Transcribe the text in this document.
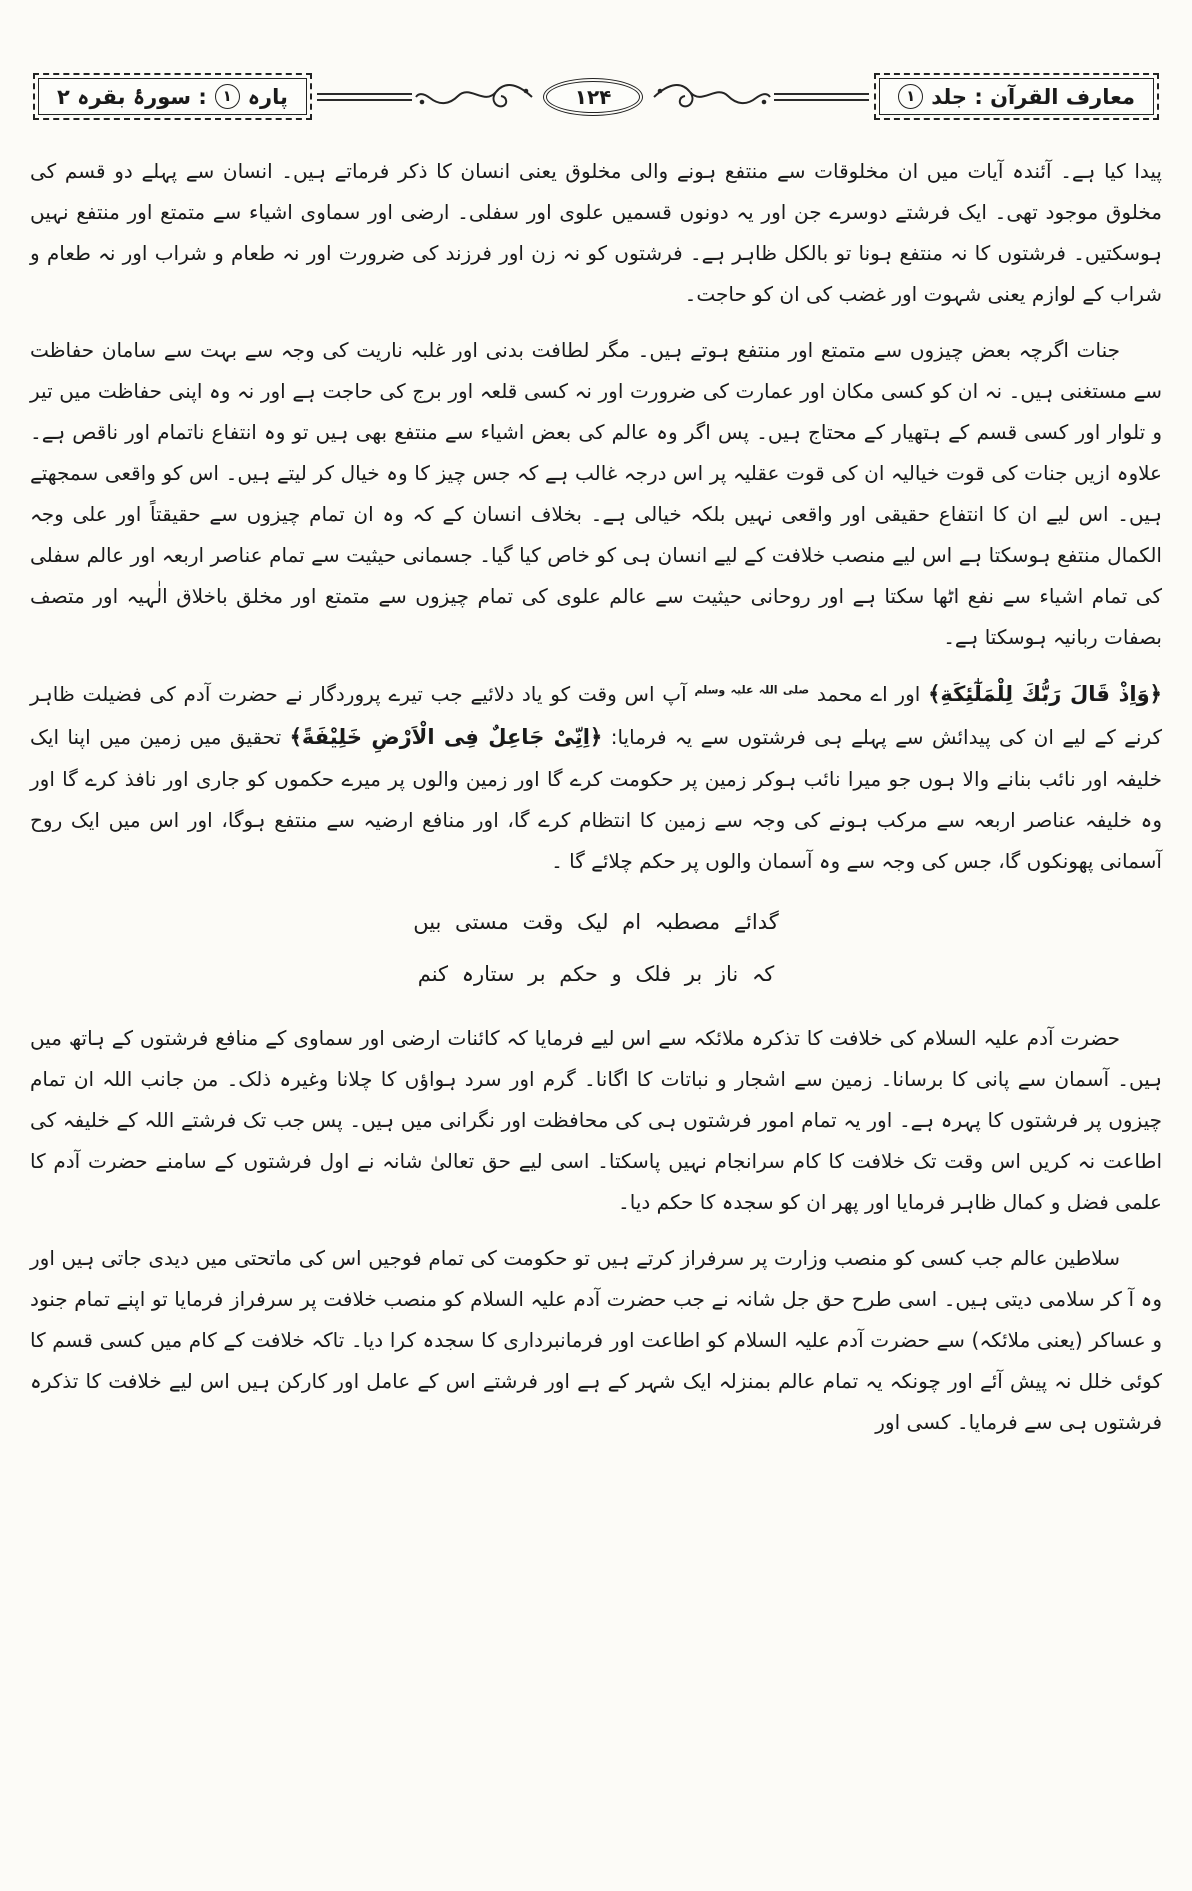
پارہ
۱
: سورۂ بقرہ ۲	۱۲۴	معارف القرآن : جلد
۱

پیدا کیا ہے۔ آئندہ آیات میں ان مخلوقات سے منتفع ہونے والی مخلوق یعنی انسان کا ذکر فرماتے ہیں۔ انسان سے پہلے دو قسم کی مخلوق موجود تھی۔ ایک فرشتے دوسرے جن اور یہ دونوں قسمیں علوی اور سفلی۔ ارضی اور سماوی اشیاء سے متمتع اور منتفع نہیں ہوسکتیں۔ فرشتوں کا نہ منتفع ہونا تو بالکل ظاہر ہے۔ فرشتوں کو نہ زن اور فرزند کی ضرورت اور نہ طعام و شراب اور نہ طعام و شراب کے لوازم یعنی شہوت اور غضب کی ان کو حاجت۔

جنات اگرچہ بعض چیزوں سے متمتع اور منتفع ہوتے ہیں۔ مگر لطافت بدنی اور غلبہ ناریت کی وجہ سے بہت سے سامان حفاظت سے مستغنی ہیں۔ نہ ان کو کسی مکان اور عمارت کی ضرورت اور نہ کسی قلعہ اور برج کی حاجت ہے اور نہ وہ اپنی حفاظت میں تیر و تلوار اور کسی قسم کے ہتھیار کے محتاج ہیں۔ پس اگر وہ عالم کی بعض اشیاء سے منتفع بھی ہیں تو وہ انتفاع ناتمام اور ناقص ہے۔ علاوہ ازیں جنات کی قوت خیالیہ ان کی قوت عقلیہ پر اس درجہ غالب ہے کہ جس چیز کا وہ خیال کر لیتے ہیں۔ اس کو واقعی سمجھتے ہیں۔ اس لیے ان کا انتفاع حقیقی اور واقعی نہیں بلکہ خیالی ہے۔ بخلاف انسان کے کہ وہ ان تمام چیزوں سے حقیقتاً اور علی وجہ الکمال منتفع ہوسکتا ہے اس لیے منصب خلافت کے لیے انسان ہی کو خاص کیا گیا۔ جسمانی حیثیت سے تمام عناصر اربعہ اور عالم سفلی کی تمام اشیاء سے نفع اٹھا سکتا ہے اور روحانی حیثیت سے عالم علوی کی تمام چیزوں سے متمتع اور مخلق باخلاق الٰہیہ اور متصف بصفات ربانیہ ہوسکتا ہے۔

﴿وَاِذْ قَالَ رَبُّكَ لِلْمَلٰٓئِكَةِ﴾ اور اے محمد $^{صلی اللہ علیہ وسلم}$ آپ اس وقت کو یاد دلائیے جب تیرے پروردگار نے حضرت آدم کی فضیلت ظاہر کرنے کے لیے ان کی پیدائش سے پہلے ہی فرشتوں سے یہ فرمایا: ﴿اِنِّیْ جَاعِلٌ فِی الْاَرْضِ خَلِیْفَةً﴾ تحقیق میں زمین میں اپنا ایک خلیفہ اور نائب بنانے والا ہوں جو میرا نائب ہوکر زمین پر حکومت کرے گا اور زمین والوں پر میرے حکموں کو جاری اور نافذ کرے گا اور وہ خلیفہ عناصر اربعہ سے مرکب ہونے کی وجہ سے زمین کا انتظام کرے گا، اور منافع ارضیہ سے منتفع ہوگا، اور اس میں ایک روح آسمانی پھونکوں گا، جس کی وجہ سے وہ آسمان والوں پر حکم چلائے گا ۔

گدائے مصطبہ ام لیک وقت مستی بیں
کہ ناز بر فلک و حکم بر ستارہ کنم

حضرت آدم علیہ السلام کی خلافت کا تذکرہ ملائکہ سے اس لیے فرمایا کہ کائنات ارضی اور سماوی کے منافع فرشتوں کے ہاتھ میں ہیں۔ آسمان سے پانی کا برسانا۔ زمین سے اشجار و نباتات کا اگانا۔ گرم اور سرد ہواؤں کا چلانا وغیرہ ذلک۔ من جانب اللہ ان تمام چیزوں پر فرشتوں کا پہرہ ہے۔ اور یہ تمام امور فرشتوں ہی کی محافظت اور نگرانی میں ہیں۔ پس جب تک فرشتے اللہ کے خلیفہ کی اطاعت نہ کریں اس وقت تک خلافت کا کام سرانجام نہیں پاسکتا۔ اسی لیے حق تعالیٰ شانہ نے اول فرشتوں کے سامنے حضرت آدم کا علمی فضل و کمال ظاہر فرمایا اور پھر ان کو سجدہ کا حکم دیا۔

سلاطین عالم جب کسی کو منصب وزارت پر سرفراز کرتے ہیں تو حکومت کی تمام فوجیں اس کی ماتحتی میں دیدی جاتی ہیں اور وہ آ کر سلامی دیتی ہیں۔ اسی طرح حق جل شانہ نے جب حضرت آدم علیہ السلام کو منصب خلافت پر سرفراز فرمایا تو اپنے تمام جنود و عساکر (یعنی ملائکہ) سے حضرت آدم علیہ السلام کو اطاعت اور فرمانبرداری کا سجدہ کرا دیا۔ تاکہ خلافت کے کام میں کسی قسم کا کوئی خلل نہ پیش آئے اور چونکہ یہ تمام عالم بمنزلہ ایک شہر کے ہے اور فرشتے اس کے عامل اور کارکن ہیں اس لیے خلافت کا تذکرہ فرشتوں ہی سے فرمایا۔ کسی اور
